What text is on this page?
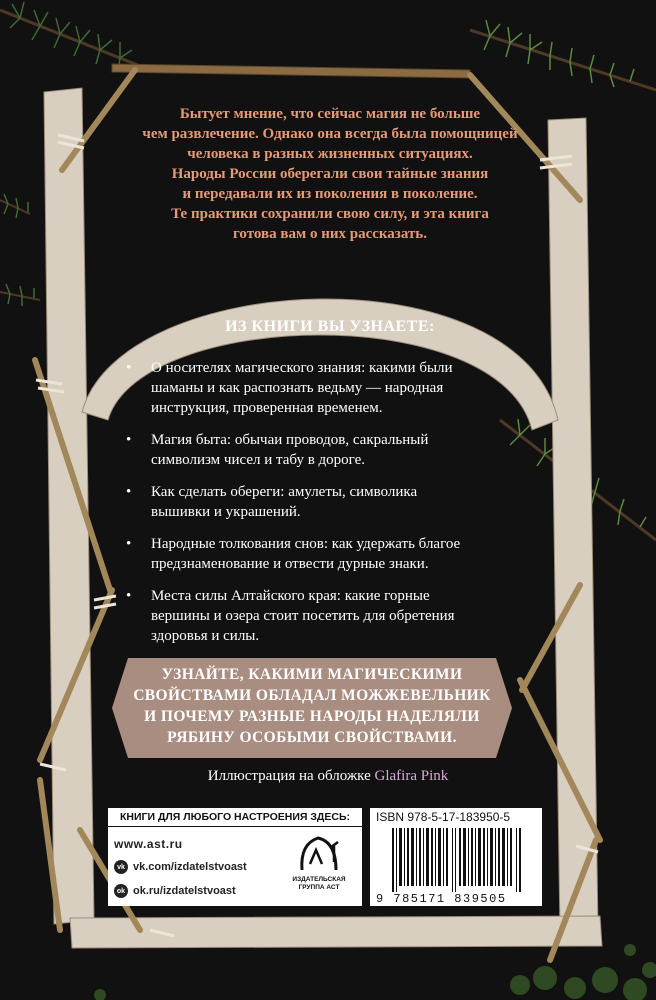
Бытует мнение, что сейчас магия не больше
чем развлечение. Однако она всегда была помощницей
человека в разных жизненных ситуациях.
Народы России оберегали свои тайные знания
и передавали их из поколения в поколение.
Те практики сохранили свою силу, и эта книга
готова вам о них рассказать.

ИЗ КНИГИ ВЫ УЗНАЕТЕ:
• О носителях магического знания: какими были
шаманы и как распознать ведьму — народная
инструкция, проверенная временем.
• Магия быта: обычаи проводов, сакральный
символизм чисел и табу в дороге.
• Как сделать обереги: амулеты, символика
вышивки и украшений.
• Народные толкования снов: как удержать благое
предзнаменование и отвести дурные знаки.
• Места силы Алтайского края: какие горные
вершины и озера стоит посетить для обретения
здоровья и силы.
УЗНАЙТЕ, КАКИМИ МАГИЧЕСКИМИ
СВОЙСТВАМИ ОБЛАДАЛ МОЖЖЕВЕЛЬНИК
И ПОЧЕМУ РАЗНЫЕ НАРОДЫ НАДЕЛЯЛИ
РЯБИНУ ОСОБЫМИ СВОЙСТВАМИ.
Иллюстрация на обложке Glafira Pink
КНИГИ ДЛЯ ЛЮБОГО НАСТРОЕНИЯ ЗДЕСЬ:
www.ast.ru
vk vk.com/izdatelstvoast
ok ok.ru/izdatelstvoast
ИЗДАТЕЛЬСКАЯ
ГРУППА АСТ
ISBN 978-5-17-183950-5
9 785171 839505
